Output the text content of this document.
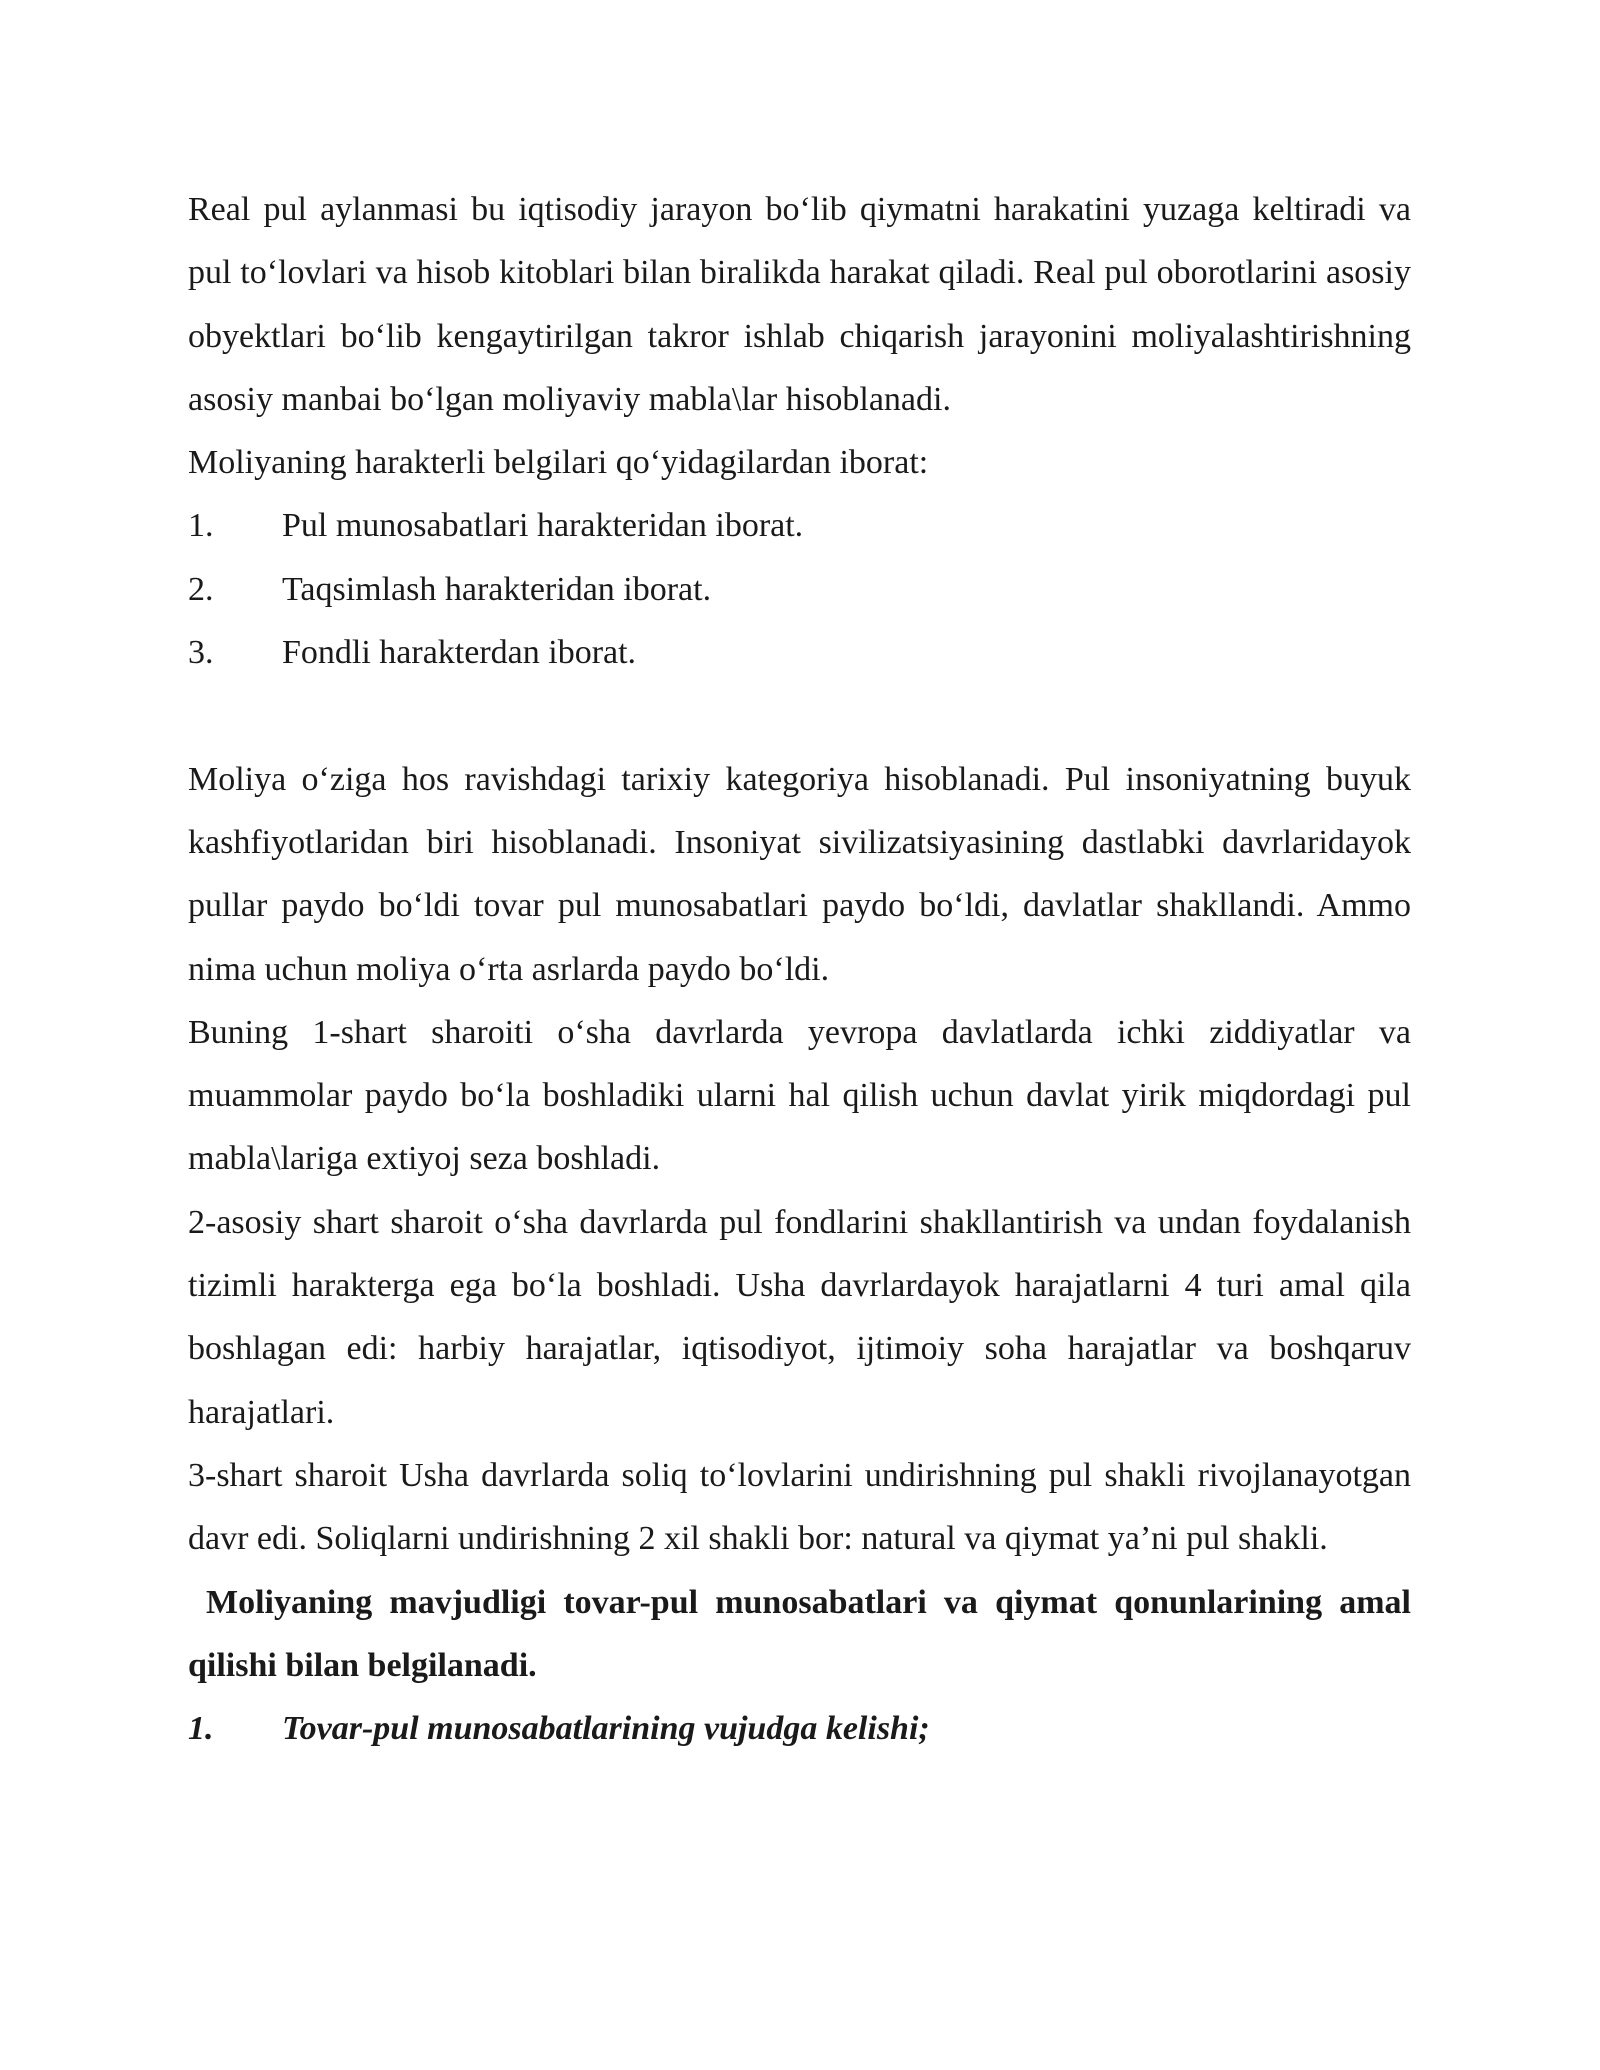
Real pul aylanmasi bu iqtisodiy jarayon bo‘lib qiymatni harakatini yuzaga keltiradi va pul to‘lovlari va hisob kitoblari bilan biralikda harakat qiladi. Real pul oborotlarini asosiy obyektlari bo‘lib kengaytirilgan takror ishlab chiqarish jarayonini moliyalashtirishning asosiy manbai bo‘lgan moliyaviy mabla\lar hisoblanadi.

Moliyaning harakterli belgilari qo‘yidagilardan iborat:

1.	Pul munosabatlari harakteridan iborat.
2.	Taqsimlash harakteridan iborat.
3.	Fondli harakterdan iborat.

Moliya o‘ziga hos ravishdagi tarixiy kategoriya hisoblanadi. Pul insoniyatning buyuk kashfiyotlaridan biri hisoblanadi. Insoniyat sivilizatsiyasining dastlabki davrlaridayok pullar paydo bo‘ldi tovar pul munosabatlari paydo bo‘ldi, davlatlar shakllandi. Ammo nima uchun moliya o‘rta asrlarda paydo bo‘ldi.

Buning 1-shart sharoiti o‘sha davrlarda yevropa davlatlarda ichki ziddiyatlar va muammolar paydo bo‘la boshladiki ularni hal qilish uchun davlat yirik miqdordagi pul mabla\lariga extiyoj seza boshladi.

2-asosiy shart sharoit o‘sha davrlarda pul fondlarini shakllantirish va undan foydalanish tizimli harakterga ega bo‘la boshladi. Usha davrlardayok harajatlarni 4 turi amal qila boshlagan edi: harbiy harajatlar, iqtisodiyot, ijtimoiy soha harajatlar va boshqaruv harajatlari.

3-shart sharoit Usha davrlarda soliq to‘lovlarini undirishning pul shakli rivojlanayotgan davr edi. Soliqlarni undirishning 2 xil shakli bor: natural va qiymat ya’ni pul shakli.

Moliyaning mavjudligi tovar-pul munosabatlari va qiymat qonunlarining amal qilishi bilan belgilanadi.

1.	Tovar-pul munosabatlarining vujudga kelishi;
